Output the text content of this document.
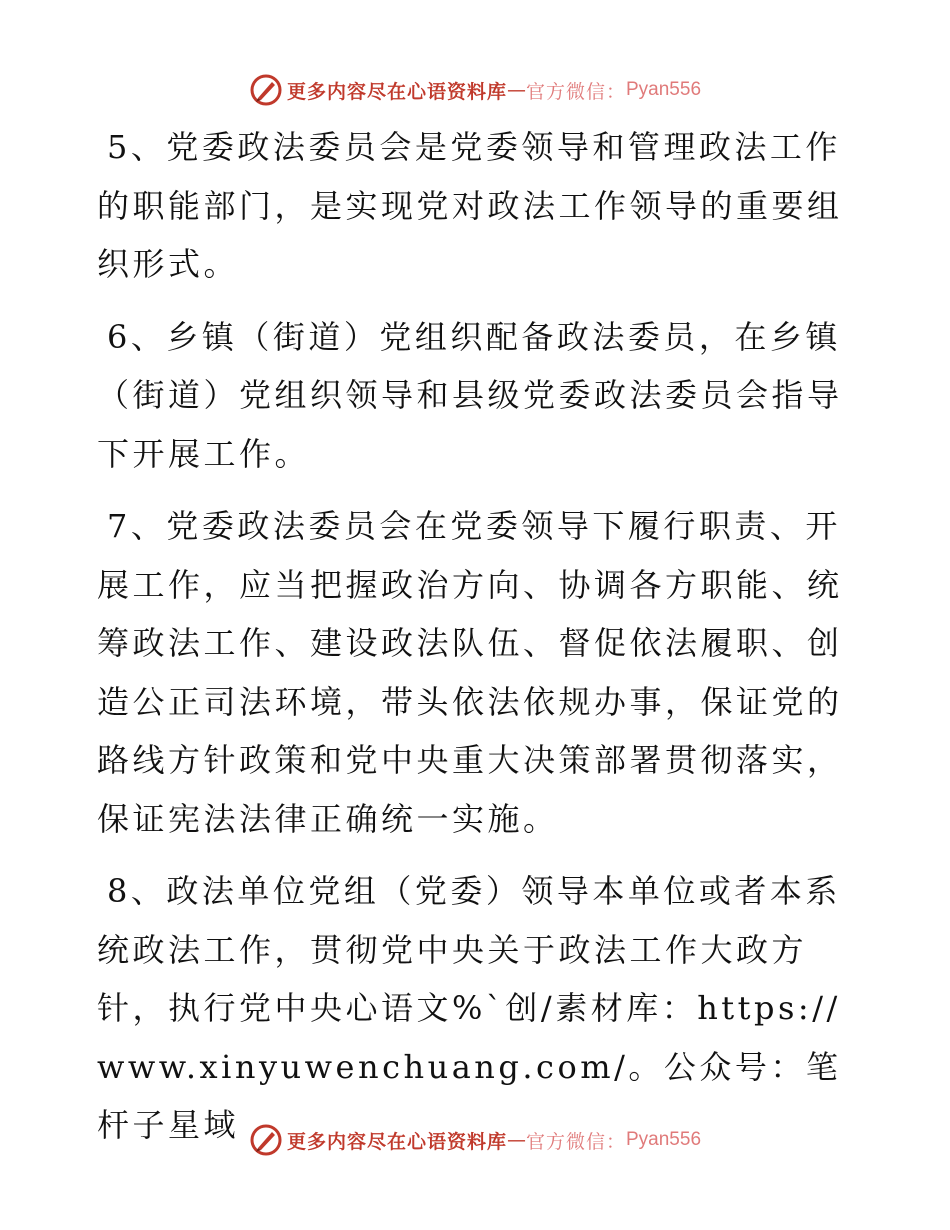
更多内容尽在心语资料库 — 官方微信： Pyan556

5、党委政法委员会是党委领导和管理政法工作的职能部门，是实现党对政法工作领导的重要组织形式。

6、乡镇（街道）党组织配备政法委员，在乡镇（街道）党组织领导和县级党委政法委员会指导下开展工作。

7、党委政法委员会在党委领导下履行职责、开展工作，应当把握政治方向、协调各方职能、统筹政法工作、建设政法队伍、督促依法履职、创造公正司法环境，带头依法依规办事，保证党的路线方针政策和党中央重大决策部署贯彻落实，保证宪法法律正确统一实施。

8、政法单位党组（党委）领导本单位或者本系统政法工作，贯彻党中央关于政法工作大政方针，执行党中央心语文%`创/素材库：https://www.xinyuwenchuang.com/。公众号：笔杆子星域	更多内容尽在心语资料库 — 官方微信： Pyan556
